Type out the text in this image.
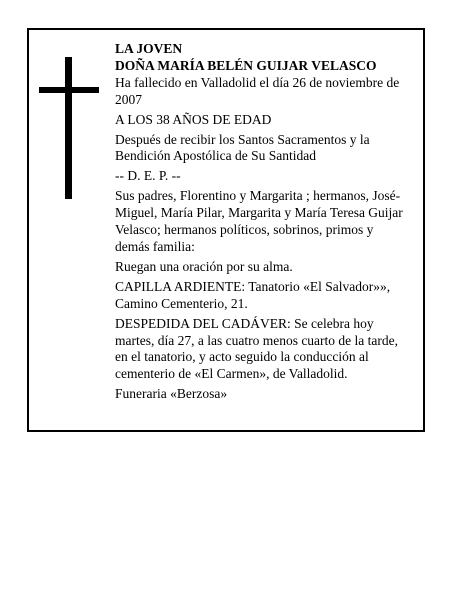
LA JOVEN

DOÑA MARÍA BELÉN GUIJAR VELASCO

Ha fallecido en Valladolid el día 26 de noviembre de 2007

A LOS 38 AÑOS DE EDAD

Después de recibir los Santos Sacramentos y la Bendición Apostólica de Su Santidad

-- D. E. P. --

Sus padres, Florentino y Margarita ; hermanos, José-Miguel, María Pilar, Margarita y María Teresa Guijar Velasco; hermanos políticos, sobrinos, primos y demás familia:

Ruegan una oración por su alma.

CAPILLA ARDIENTE: Tanatorio «El Salvador»», Camino Cementerio, 21.

DESPEDIDA DEL CADÁVER: Se celebra hoy martes, día 27, a las cuatro menos cuarto de la tarde, en el tanatorio, y acto seguido la conducción al cementerio de «El Carmen», de Valladolid.

Funeraria «Berzosa»
